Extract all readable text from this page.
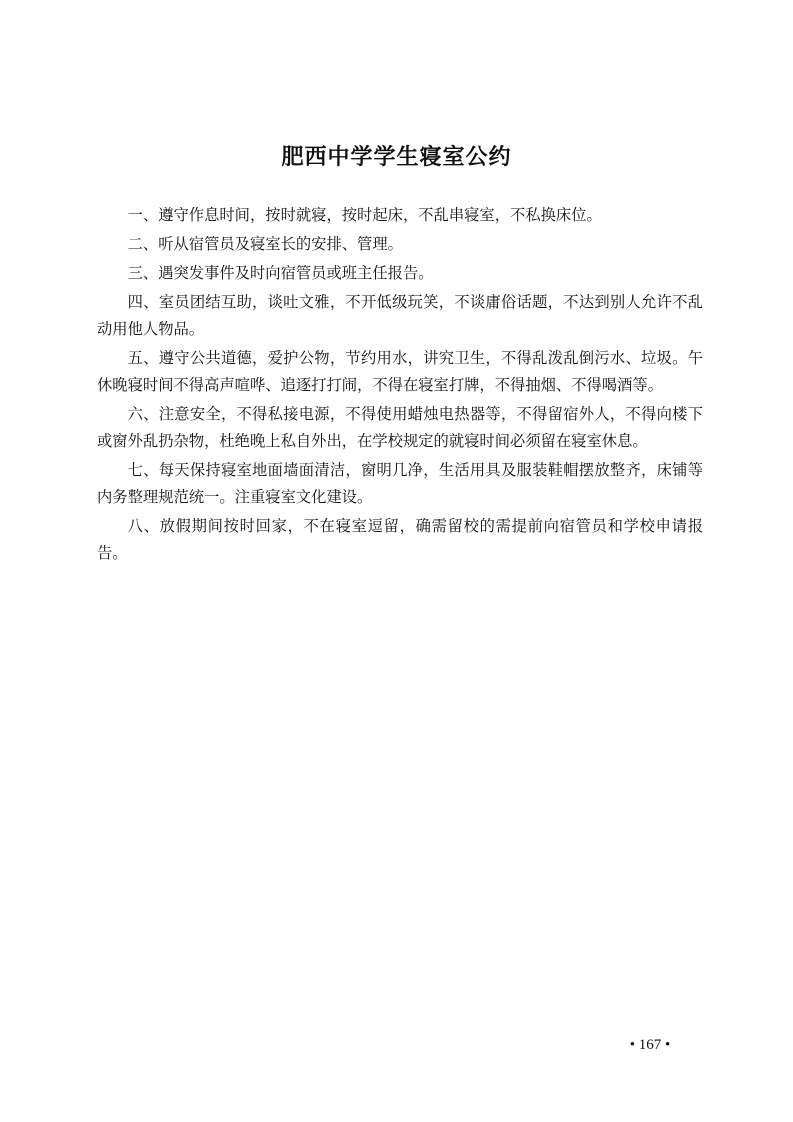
肥西中学学生寝室公约

一、遵守作息时间，按时就寝，按时起床，不乱串寝室，不私换床位。

二、听从宿管员及寝室长的安排、管理。

三、遇突发事件及时向宿管员或班主任报告。

四、室员团结互助，谈吐文雅，不开低级玩笑，不谈庸俗话题，不达到别人允许不乱动用他人物品。

五、遵守公共道德，爱护公物，节约用水，讲究卫生，不得乱泼乱倒污水、垃圾。午休晚寝时间不得高声喧哗、追逐打打闹，不得在寝室打牌，不得抽烟、不得喝酒等。

六、注意安全，不得私接电源，不得使用蜡烛电热器等，不得留宿外人，不得向楼下或窗外乱扔杂物，杜绝晚上私自外出，在学校规定的就寝时间必须留在寝室休息。

七、每天保持寝室地面墙面清洁，窗明几净，生活用具及服装鞋帽摆放整齐，床铺等内务整理规范统一。注重寝室文化建设。

八、放假期间按时回家，不在寝室逗留，确需留校的需提前向宿管员和学校申请报告。

• 167 •
